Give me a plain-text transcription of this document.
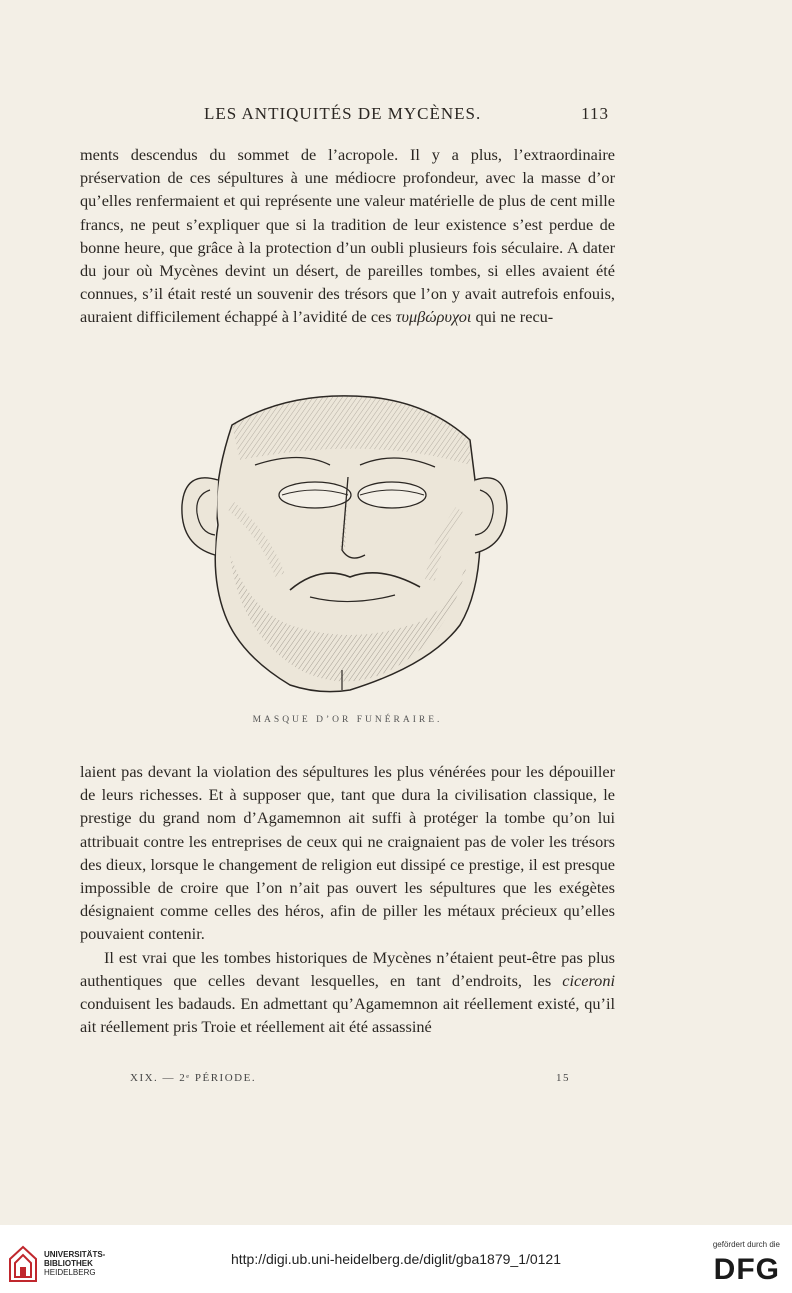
LES ANTIQUITÉS DE MYCÈNES.	113

ments descendus du sommet de l’acropole. Il y a plus, l’extraordinaire préservation de ces sépultures à une médiocre profondeur, avec la masse d’or qu’elles renfermaient et qui représente une valeur matérielle de plus de cent mille francs, ne peut s’expliquer que si la tradition de leur existence s’est perdue de bonne heure, que grâce à la protection d’un oubli plusieurs fois séculaire. A dater du jour où Mycènes devint un désert, de pareilles tombes, si elles avaient été connues, s’il était resté un souvenir des trésors que l’on y avait autrefois enfouis, auraient difficilement échappé à l’avidité de ces τυμβώρυχοι qui ne recu-

MASQUE D’OR FUNÉRAIRE.

laient pas devant la violation des sépultures les plus vénérées pour les dépouiller de leurs richesses. Et à supposer que, tant que dura la civilisation classique, le prestige du grand nom d’Agamemnon ait suffi à protéger la tombe qu’on lui attribuait contre les entreprises de ceux qui ne craignaient pas de voler les trésors des dieux, lorsque le changement de religion eut dissipé ce prestige, il est presque impossible de croire que l’on n’ait pas ouvert les sépultures que les exégètes désignaient comme celles des héros, afin de piller les métaux précieux qu’elles pouvaient contenir.

Il est vrai que les tombes historiques de Mycènes n’étaient peut-être pas plus authentiques que celles devant lesquelles, en tant d’endroits, les ciceroni conduisent les badauds. En admettant qu’Agamemnon ait réellement existé, qu’il ait réellement pris Troie et réellement ait été assassiné

XIX. — 2ᵉ PÉRIODE.	15
UNIVERSITÄTS-
BIBLIOTHEK
HEIDELBERG
http://digi.ub.uni-heidelberg.de/diglit/gba1879_1/0121
gefördert durch die
DFG
